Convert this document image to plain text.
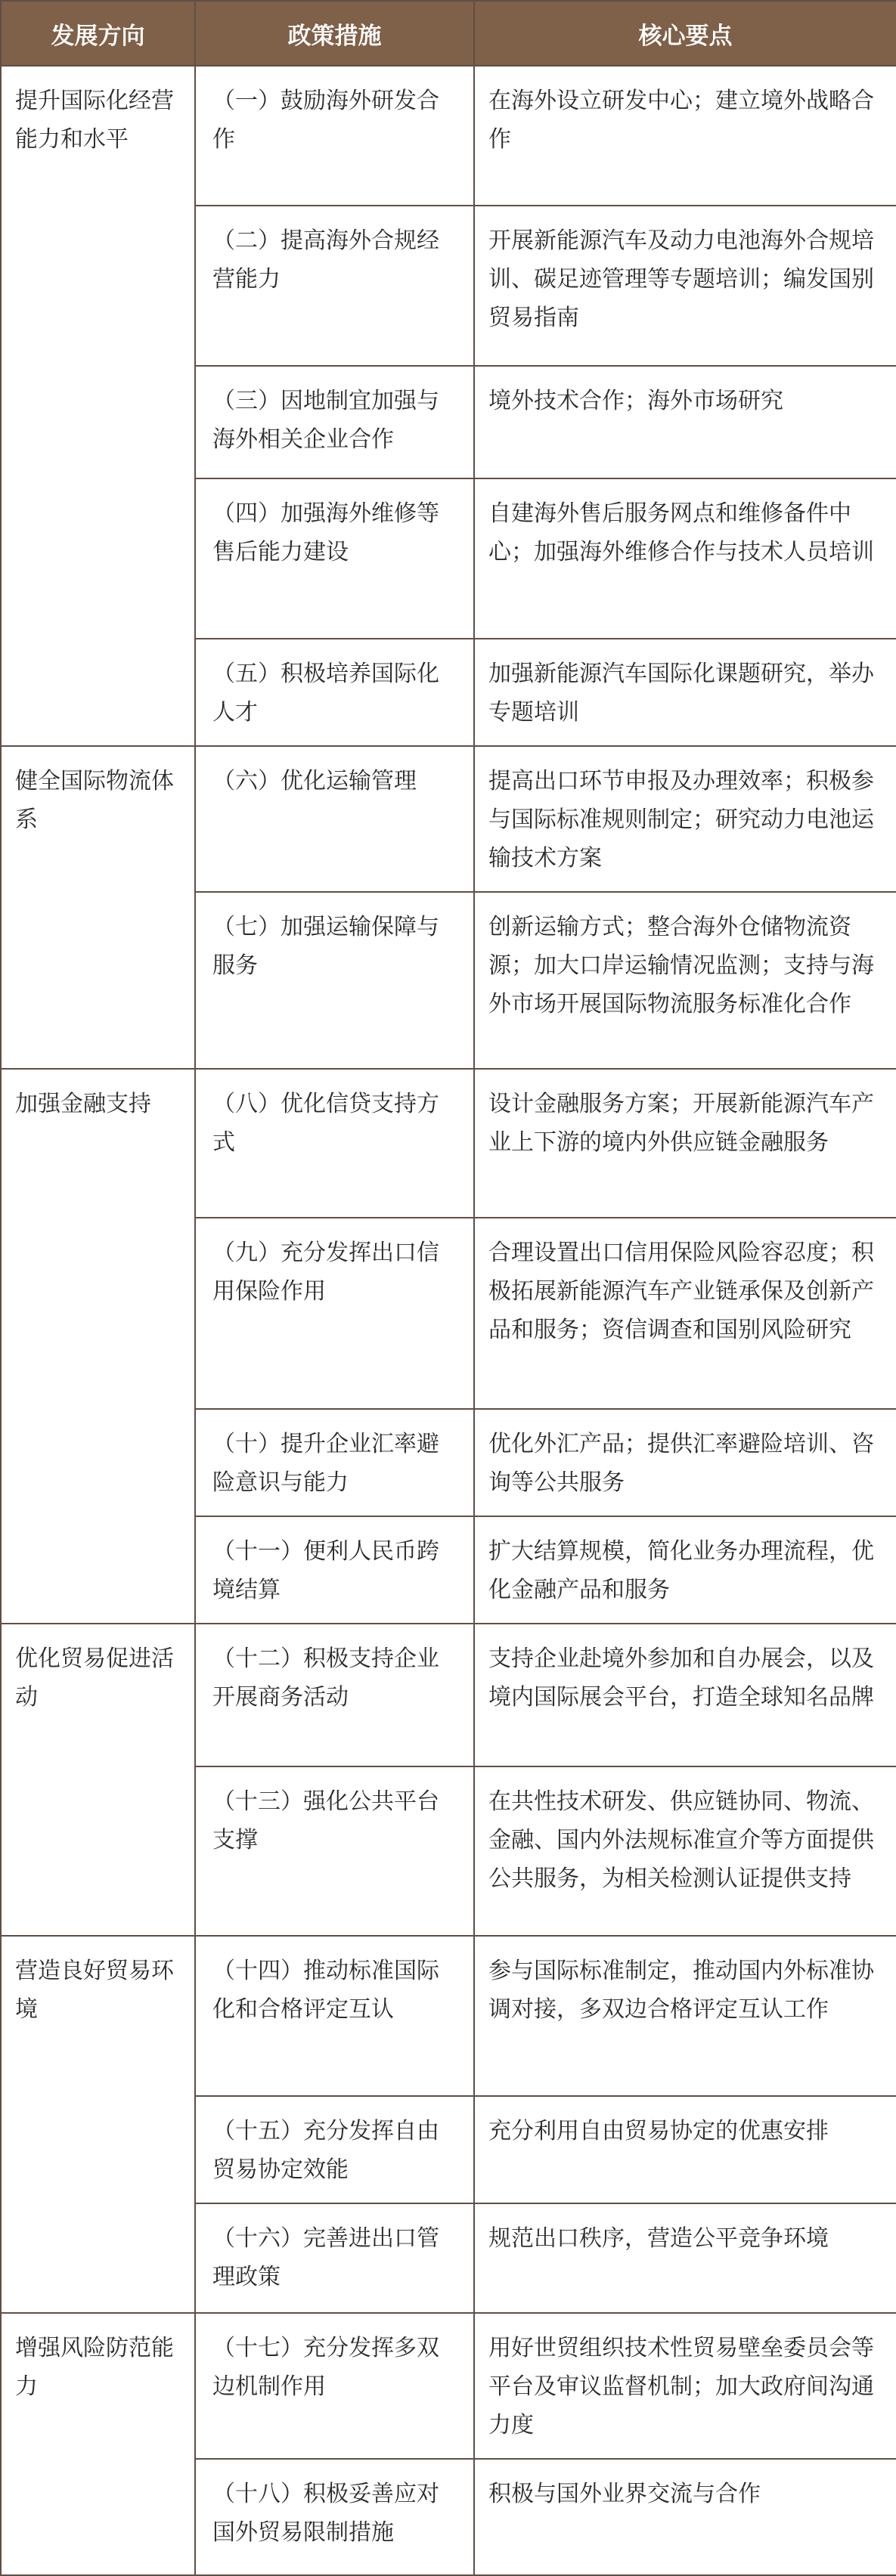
发展方向	政策措施	核心要点
提升国际化经营能力和水平	（一）鼓励海外研发合作	在海外设立研发中心；建立境外战略合作
	（二）提高海外合规经营能力	开展新能源汽车及动力电池海外合规培训、碳足迹管理等专题培训；编发国别贸易指南
	（三）因地制宜加强与海外相关企业合作	境外技术合作；海外市场研究
	（四）加强海外维修等售后能力建设	自建海外售后服务网点和维修备件中心；加强海外维修合作与技术人员培训
	（五）积极培养国际化人才	加强新能源汽车国际化课题研究，举办专题培训
健全国际物流体系	（六）优化运输管理	提高出口环节申报及办理效率；积极参与国际标准规则制定；研究动力电池运输技术方案
	（七）加强运输保障与服务	创新运输方式；整合海外仓储物流资源；加大口岸运输情况监测；支持与海外市场开展国际物流服务标准化合作
加强金融支持	（八）优化信贷支持方式	设计金融服务方案；开展新能源汽车产业上下游的境内外供应链金融服务
	（九）充分发挥出口信用保险作用	合理设置出口信用保险风险容忍度；积极拓展新能源汽车产业链承保及创新产品和服务；资信调查和国别风险研究
	（十）提升企业汇率避险意识与能力	优化外汇产品；提供汇率避险培训、咨询等公共服务
	（十一）便利人民币跨境结算	扩大结算规模，简化业务办理流程，优化金融产品和服务
优化贸易促进活动	（十二）积极支持企业开展商务活动	支持企业赴境外参加和自办展会，以及境内国际展会平台，打造全球知名品牌
	（十三）强化公共平台支撑	在共性技术研发、供应链协同、物流、金融、国内外法规标准宣介等方面提供公共服务，为相关检测认证提供支持
营造良好贸易环境	（十四）推动标准国际化和合格评定互认	参与国际标准制定，推动国内外标准协调对接，多双边合格评定互认工作
	（十五）充分发挥自由贸易协定效能	充分利用自由贸易协定的优惠安排
	（十六）完善进出口管理政策	规范出口秩序，营造公平竞争环境
增强风险防范能力	（十七）充分发挥多双边机制作用	用好世贸组织技术性贸易壁垒委员会等平台及审议监督机制；加大政府间沟通力度
	（十八）积极妥善应对国外贸易限制措施	积极与国外业界交流与合作
